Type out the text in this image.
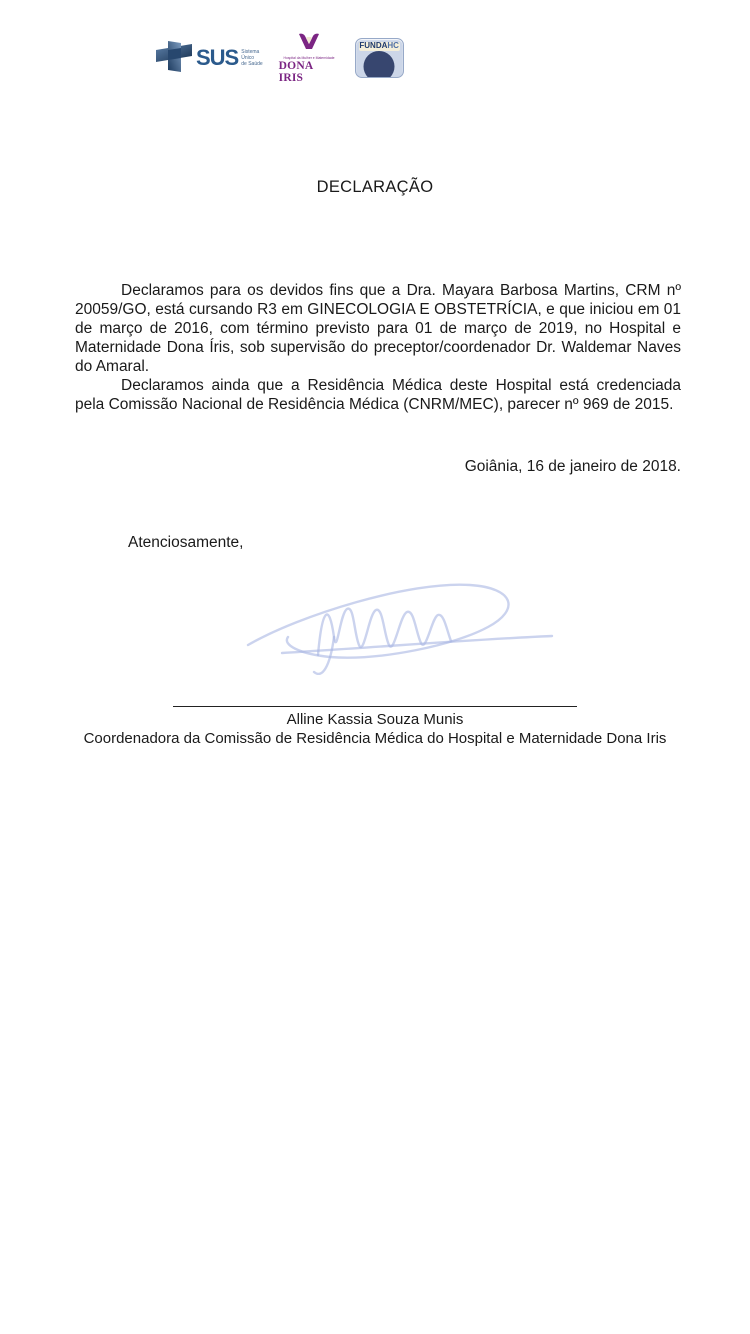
SUS Sistema
Único
de Saúde
Hospital da Mulher e Maternidade
DONA IRIS
FUNDAHC
DECLARAÇÃO

Declaramos para os devidos fins que a Dra. Mayara Barbosa Martins, CRM nº 20059/GO, está cursando R3 em GINECOLOGIA E OBSTETRÍCIA, e que iniciou em 01 de março de 2016, com término previsto para 01 de março de 2019, no Hospital e Maternidade Dona Íris, sob supervisão do preceptor/coordenador Dr. Waldemar Naves do Amaral.

Declaramos ainda que a Residência Médica deste Hospital está credenciada pela Comissão Nacional de Residência Médica (CNRM/MEC), parecer nº 969 de 2015.

Goiânia, 16 de janeiro de 2018.
Atenciosamente,
Alline Kassia Souza Munis
Coordenadora da Comissão de Residência Médica do Hospital e Maternidade Dona Iris
